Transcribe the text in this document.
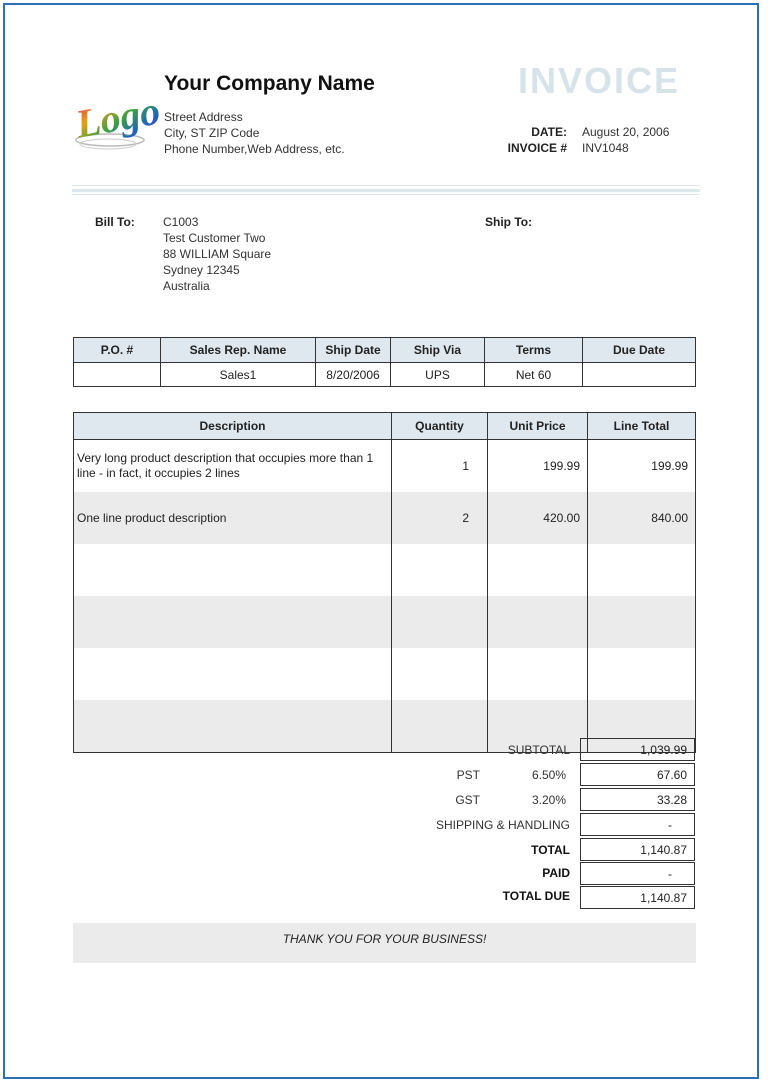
Logo
Your Company Name
Street Address
City, ST ZIP Code
Phone Number,Web Address, etc.
INVOICE
DATE: August 20, 2006
INVOICE # INV1048
Bill To: C1003
Test Customer Two
88 WILLIAM Square
Sydney 12345
Australia
Ship To:
P.O. #	Sales Rep. Name	Ship Date	Ship Via	Terms	Due Date
	Sales1	8/20/2006	UPS	Net 60	
Description	Quantity	Unit Price	Line Total
Very long product description that occupies more than 1 line - in fact, it occupies 2 lines	1	199.99	199.99
One line product description	2	420.00	840.00

SUBTOTAL	1,039.99
PST	6.50%	67.60
GST	3.20%	33.28
SHIPPING & HANDLING	-
TOTAL	1,140.87
PAID	-
TOTAL DUE	1,140.87
THANK YOU FOR YOUR BUSINESS!
